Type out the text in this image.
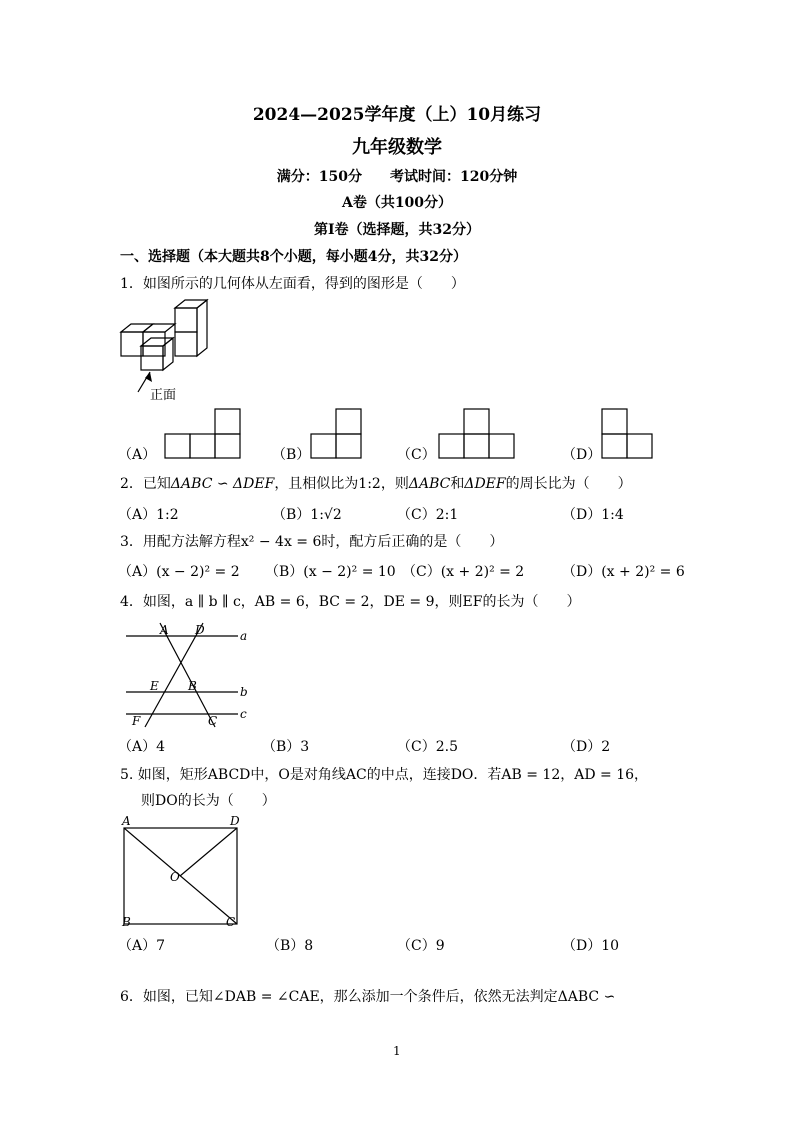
2024—2025学年度（上）10月练习
九年级数学
满分：150分　　考试时间：120分钟
A卷（共100分）
第Ⅰ卷（选择题，共32分）
一、选择题（本大题共8个小题，每小题4分，共32分）
1．如图所示的几何体从左面看，得到的图形是（　　）
正面
（A）	（B）	（C）	（D）
2．已知ΔABC ∽ ΔDEF，且相似比为1:2，则ΔABC和ΔDEF的周长比为（　　）
（A）1:2	（B）1:√2	（C）2:1	（D）1:4
3．用配方法解方程x² − 4x = 6时，配方后正确的是（　　）
（A）(x − 2)² = 2 （B）(x − 2)² = 10 （C）(x + 2)² = 2	（D）(x + 2)² = 6
4．如图，a ∥ b ∥ c，AB = 6，BC = 2，DE = 9，则EF的长为（　　）
A D
E B
F	C
a
b
c
（A）4	（B）3	（C）2.5	（D）2
5. 如图，矩形ABCD中，O是对角线AC的中点，连接DO．若AB = 12，AD = 16，
则DO的长为（　　）
A	D
O
B	C
（A）7	（B）8	（C）9	（D）10
6．如图，已知∠DAB = ∠CAE，那么添加一个条件后，依然无法判定ΔABC ∽
1
